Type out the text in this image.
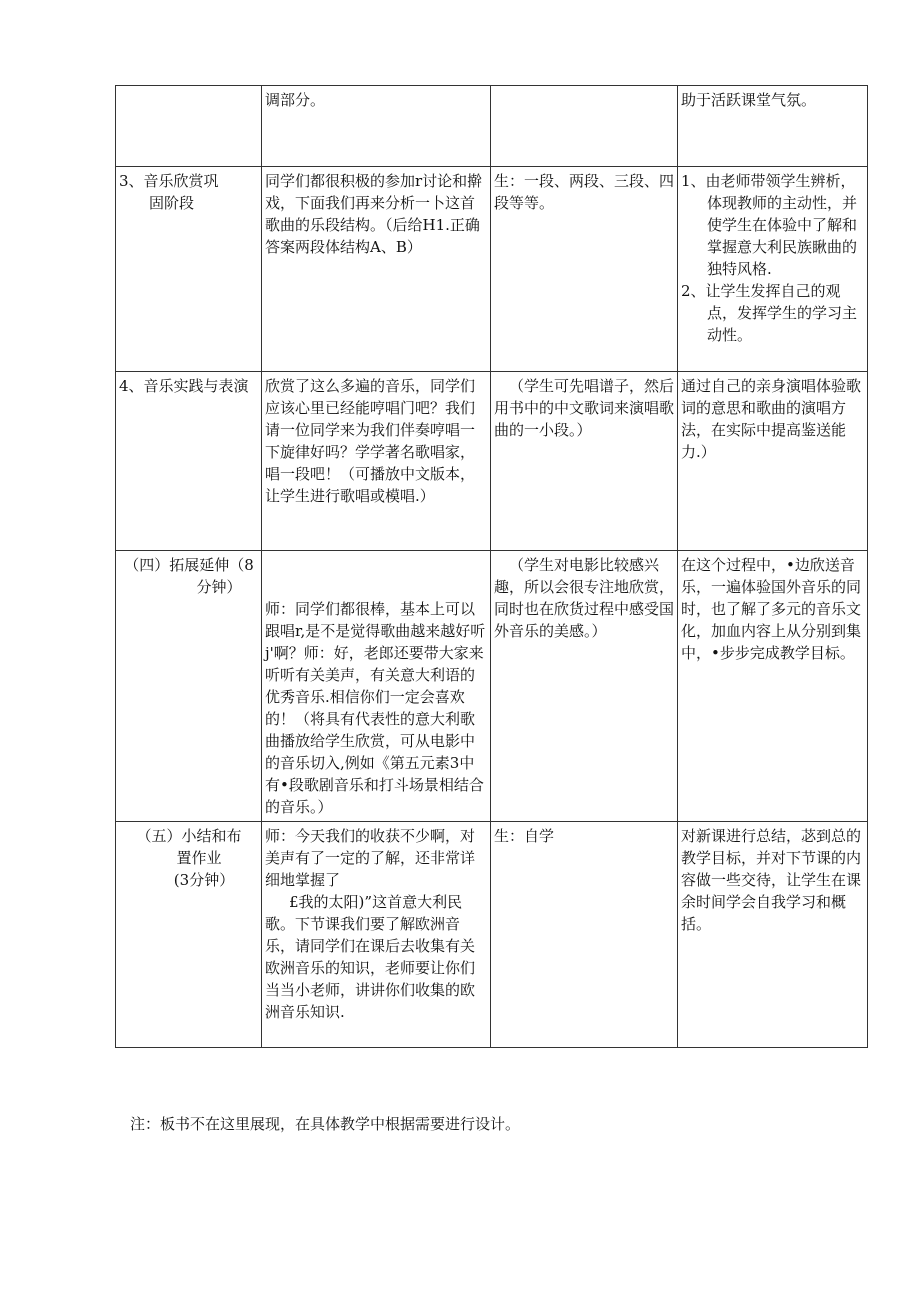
	调部分。		助于活跃课堂气氛。

3、音乐欣赏巩
固阶段	同学们都很积极的参加r讨论和擀戏，下面我们再来分析一卜这首歌曲的乐段结构。（后给H1.正确答案两段体结构A、B）	生：一段、两段、三段、四段等等。	1、由老师带领学生辨析，体现教师的主动性，并使学生在体验中了解和掌握意大利民族瞅曲的独特风格.
2、让学生发挥自己的观点，发挥学生的学习主动性。

4、音乐实践与表演	欣赏了这么多遍的音乐，同学们应该心里已经能哼唱门吧？我们请一位同学来为我们伴奏哼唱一下旋律好吗？学学著名歌唱家，唱一段吧！（可播放中文版本，让学生进行歌唱或模唱.）	（学生可先唱谱子，然后用书中的中文歌词来演唱歌曲的一小段。）	通过自己的亲身演唱体验歌词的意思和歌曲的演唱方法，在实际中提高鉴送能力.）

（四）拓展延伸（8
分钟）	师：同学们都很棒，基本上可以跟唱r,是不是觉得歌曲越来越好听j'啊？师：好，老郎还要带大家来听听有关美声，有关意大利语的优秀音乐.相信你们一定会喜欢的！（将具有代表性的意大利歌曲播放给学生欣赏，可从电影中的音乐切入,例如《第五元素3中有•段歌剧音乐和打斗场景相结合的音乐。）	（学生对电影比较感兴趣，所以会很专注地欣赏，同时也在欣货过程中感受国外音乐的美感。）	在这个过程中，•边欣送音乐，一遍体验国外音乐的同时，也了解了多元的音乐文化，加血内容上从分别到集中，•步步完成教学目标。

（五）小结和布
置作业
(3分钟）	师：今天我们的收获不少啊，对美声有了一定的了解，还非常详细地掌握了
£我的太阳)”这首意大利民歌。下节课我们要了解欧洲音乐，请同学们在课后去收集有关欧洲音乐的知识，老师要让你们当当小老师，讲讲你们收集的欧洲音乐知识.	生：自学	对新课进行总结，苾到总的教学目标，并对下节课的内容做一些交待，让学生在课余时间学会自我学习和概括。
注：板书不在这里展现，在具体教学中根据需要进行设计。
